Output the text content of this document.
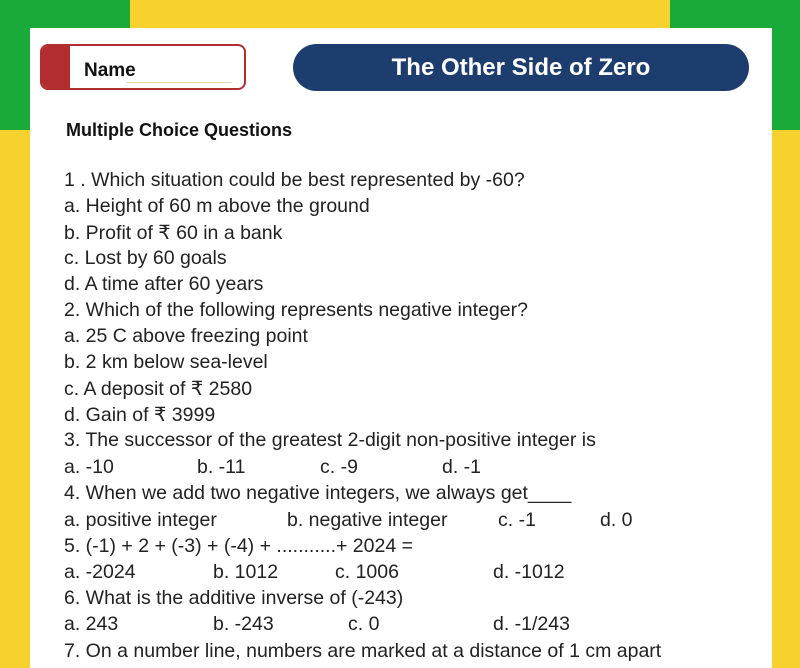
Name	The Other Side of Zero
Multiple Choice Questions
1 . Which situation could be best represented by -60?
a. Height of 60 m above the ground
b. Profit of ₹ 60 in a bank
c. Lost by 60 goals
d. A time after 60 years
2. Which of the following represents negative integer?
a. 25 C above freezing point
b. 2 km below sea-level
c. A deposit of ₹ 2580
d. Gain of ₹ 3999
3. The successor of the greatest 2-digit non-positive integer is
a. -10	b. -11	c. -9	d. -1
4. When we add two negative integers, we always get____
a. positive integer	b. negative integer	c. -1	d. 0
5. (-1) + 2 + (-3) + (-4) + ...........+ 2024 =
a. -2024	b. 1012	c. 1006	d. -1012
6. What is the additive inverse of (-243)
a. 243	b. -243	c. 0	d. -1/243
7. On a number line, numbers are marked at a distance of 1 cm apart
